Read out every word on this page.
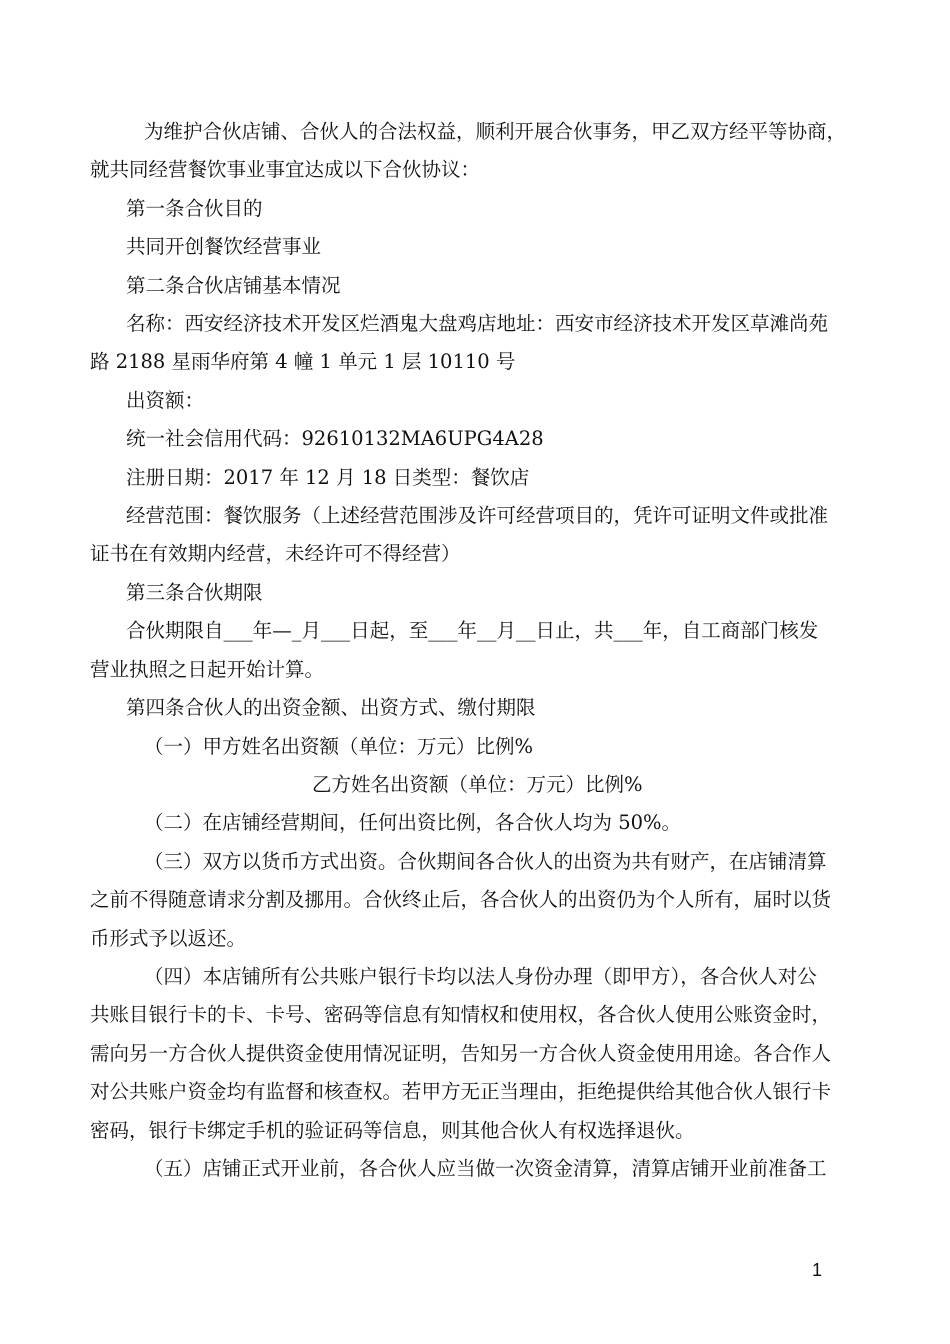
为维护合伙店铺、合伙人的合法权益，顺利开展合伙事务，甲乙双方经平等协商，

就共同经营餐饮事业事宜达成以下合伙协议：

第一条合伙目的

共同开创餐饮经营事业

第二条合伙店铺基本情况

名称：西安经济技术开发区烂酒鬼大盘鸡店地址：西安市经济技术开发区草滩尚苑

路 2188 星雨华府第 4 幢 1 单元 1 层 10110 号

出资额：

统一社会信用代码：92610132MA6UPG4A28

注册日期：2017 年 12 月 18 日类型：餐饮店

经营范围：餐饮服务（上述经营范围涉及许可经营项目的，凭许可证明文件或批准

证书在有效期内经营，未经许可不得经营）

第三条合伙期限

合伙期限自___年—_月___日起，至___年__月__日止，共___年，自工商部门核发

营业执照之日起开始计算。

第四条合伙人的出资金额、出资方式、缴付期限

（一）甲方姓名出资额（单位：万元）比例%

乙方姓名出资额（单位：万元）比例%

（二）在店铺经营期间，任何出资比例，各合伙人均为 50%。

（三）双方以货币方式出资。合伙期间各合伙人的出资为共有财产，在店铺清算

之前不得随意请求分割及挪用。合伙终止后，各合伙人的出资仍为个人所有，届时以货

币形式予以返还。

（四）本店铺所有公共账户银行卡均以法人身份办理（即甲方），各合伙人对公

共账目银行卡的卡、卡号、密码等信息有知情权和使用权，各合伙人使用公账资金时，

需向另一方合伙人提供资金使用情况证明，告知另一方合伙人资金使用用途。各合作人

对公共账户资金均有监督和核查权。若甲方无正当理由，拒绝提供给其他合伙人银行卡

密码，银行卡绑定手机的验证码等信息，则其他合伙人有权选择退伙。

（五）店铺正式开业前，各合伙人应当做一次资金清算，清算店铺开业前准备工

1
